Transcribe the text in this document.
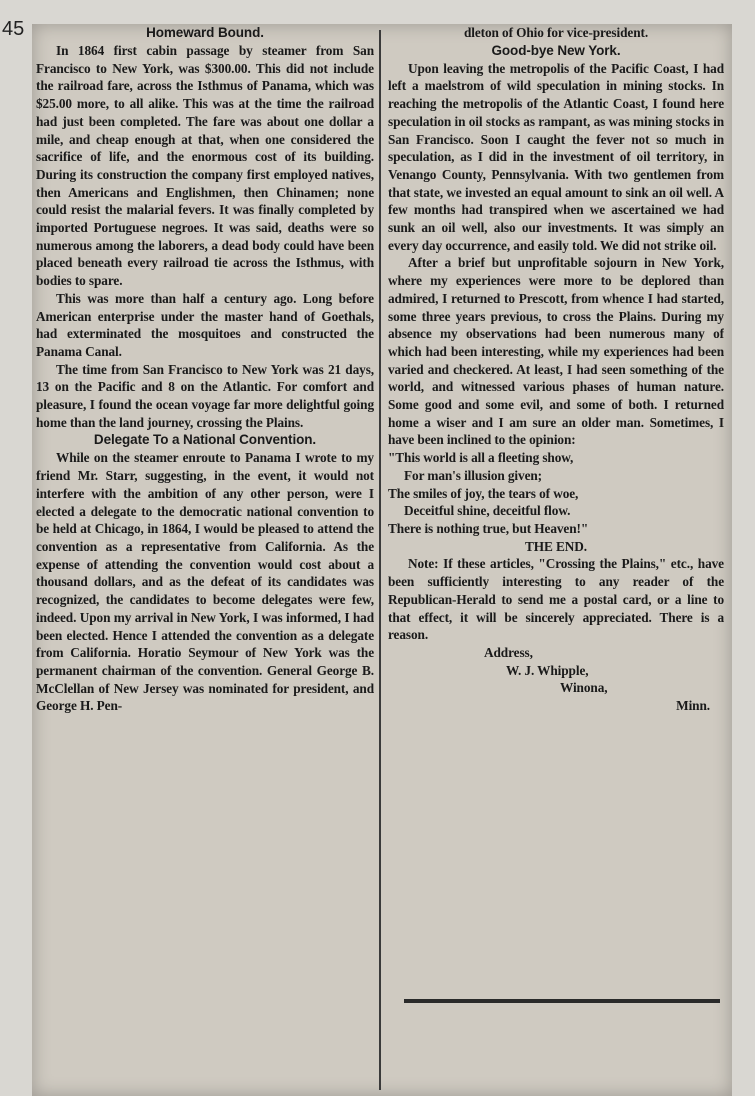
45	Homeward Bound.

In 1864 first cabin passage by steamer from San Francisco to New York, was $300.00. This did not include the railroad fare, across the Isthmus of Panama, which was $25.00 more, to all alike. This was at the time the railroad had just been completed. The fare was about one dollar a mile, and cheap enough at that, when one considered the sacrifice of life, and the enormous cost of its building. During its construction the company first employed natives, then Americans and Englishmen, then Chinamen; none could resist the malarial fevers. It was finally completed by imported Portuguese negroes. It was said, deaths were so numerous among the laborers, a dead body could have been placed beneath every railroad tie across the Isthmus, with bodies to spare.

This was more than half a century ago. Long before American enterprise under the master hand of Goethals, had exterminated the mosquitoes and constructed the Panama Canal.

The time from San Francisco to New York was 21 days, 13 on the Pacific and 8 on the Atlantic. For comfort and pleasure, I found the ocean voyage far more delightful going home than the land journey, crossing the Plains.

Delegate To a National Convention.

While on the steamer enroute to Panama I wrote to my friend Mr. Starr, suggesting, in the event, it would not interfere with the ambition of any other person, were I elected a delegate to the democratic national convention to be held at Chicago, in 1864, I would be pleased to attend the convention as a representative from California. As the expense of attending the convention would cost about a thousand dollars, and as the defeat of its candidates was recognized, the candidates to become delegates were few, indeed. Upon my arrival in New York, I was informed, I had been elected. Hence I attended the convention as a delegate from California. Horatio Seymour of New York was the permanent chairman of the convention. General George B. McClellan of New Jersey was nominated for president, and George H. Pen-

dleton of Ohio for vice-president.

Good-bye New York.

Upon leaving the metropolis of the Pacific Coast, I had left a maelstrom of wild speculation in mining stocks. In reaching the metropolis of the Atlantic Coast, I found here speculation in oil stocks as rampant, as was mining stocks in San Francisco. Soon I caught the fever not so much in speculation, as I did in the investment of oil territory, in Venango County, Pennsylvania. With two gentlemen from that state, we invested an equal amount to sink an oil well. A few months had transpired when we ascertained we had sunk an oil well, also our investments. It was simply an every day occurrence, and easily told. We did not strike oil.

After a brief but unprofitable sojourn in New York, where my experiences were more to be deplored than admired, I returned to Prescott, from whence I had started, some three years previous, to cross the Plains. During my absence my observations had been numerous many of which had been interesting, while my experiences had been varied and checkered. At least, I had seen something of the world, and witnessed various phases of human nature. Some good and some evil, and some of both. I returned home a wiser and I am sure an older man. Sometimes, I have been inclined to the opinion:

"This world is all a fleeting show,
For man's illusion given;
The smiles of joy, the tears of woe,
Deceitful shine, deceitful flow.
There is nothing true, but Heaven!"
THE END.

Note: If these articles, "Crossing the Plains," etc., have been sufficiently interesting to any reader of the Republican-Herald to send me a postal card, or a line to that effect, it will be sincerely appreciated. There is a reason.

Address,
W. J. Whipple,
Winona,
Minn.
